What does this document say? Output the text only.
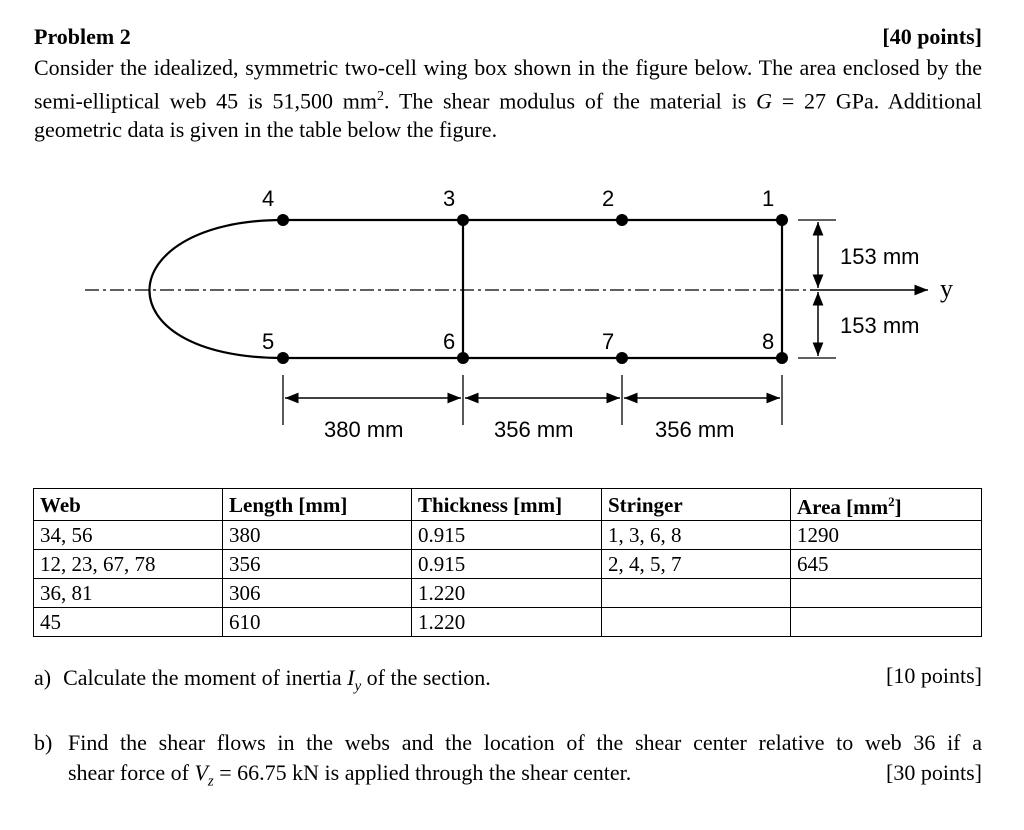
Problem 2	[40 points]
Consider the idealized, symmetric two-cell wing box shown in the figure below. The area enclosed by the semi-elliptical web 45 is 51,500 $mm^2$. The shear modulus of the material is G = 27 GPa. Additional geometric data is given in the table below the figure.
y
1
2
3
4
5	6	7	8
153 mm
153 mm
380 mm	356 mm	356 mm
Web	Length [mm]	Thickness [mm]	Stringer	Area $[mm^2]$
34, 56	380	0.915	1, 3, 6, 8	1290
12, 23, 67, 78	356	0.915	2, 4, 5, 7	645
36, 81	306	1.220		
45	610	1.220		
a) Calculate the moment of inertia $I_y$ of the section.	[10 points]
b) Find the shear flows in the webs and the location of the shear center relative to web 36 if a
shear force of $V_z = 66.75$ kN is applied through the shear center.	[30 points]
